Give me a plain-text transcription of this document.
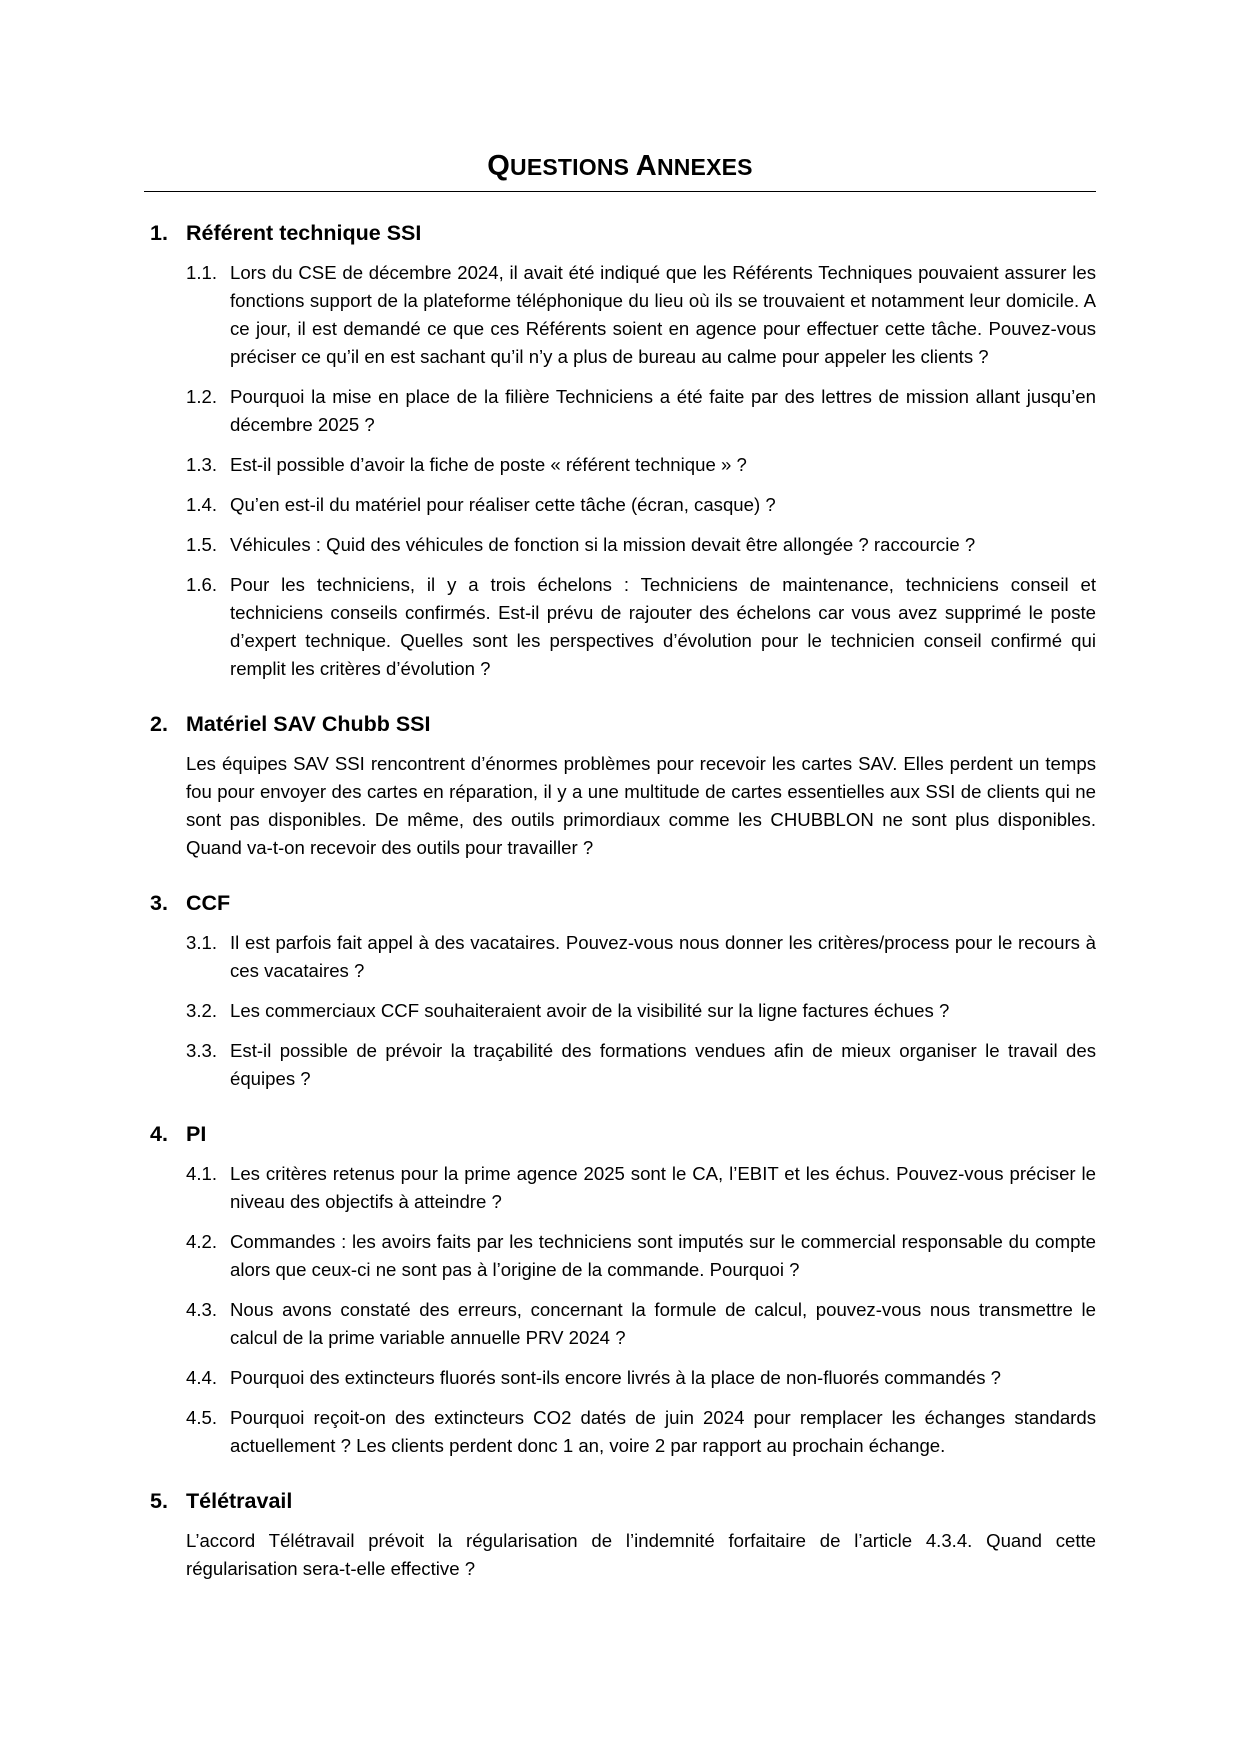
QUESTIONS ANNEXES
1. Référent technique SSI
1.1. Lors du CSE de décembre 2024, il avait été indiqué que les Référents Techniques pouvaient assurer les fonctions support de la plateforme téléphonique du lieu où ils se trouvaient et notamment leur domicile. A ce jour, il est demandé ce que ces Référents soient en agence pour effectuer cette tâche. Pouvez-vous préciser ce qu’il en est sachant qu’il n’y a plus de bureau au calme pour appeler les clients ?
1.2. Pourquoi la mise en place de la filière Techniciens a été faite par des lettres de mission allant jusqu’en décembre 2025 ?
1.3. Est-il possible d’avoir la fiche de poste « référent technique » ?
1.4. Qu’en est-il du matériel pour réaliser cette tâche (écran, casque) ?
1.5. Véhicules : Quid des véhicules de fonction si la mission devait être allongée ? raccourcie ?
1.6. Pour les techniciens, il y a trois échelons : Techniciens de maintenance, techniciens conseil et techniciens conseils confirmés. Est-il prévu de rajouter des échelons car vous avez supprimé le poste d’expert technique. Quelles sont les perspectives d’évolution pour le technicien conseil confirmé qui remplit les critères d’évolution ?
2. Matériel SAV Chubb SSI
Les équipes SAV SSI rencontrent d’énormes problèmes pour recevoir les cartes SAV. Elles perdent un temps fou pour envoyer des cartes en réparation, il y a une multitude de cartes essentielles aux SSI de clients qui ne sont pas disponibles. De même, des outils primordiaux comme les CHUBBLON ne sont plus disponibles. Quand va-t-on recevoir des outils pour travailler ?
3. CCF
3.1. Il est parfois fait appel à des vacataires. Pouvez-vous nous donner les critères/process pour le recours à ces vacataires ?
3.2. Les commerciaux CCF souhaiteraient avoir de la visibilité sur la ligne factures échues ?
3.3. Est-il possible de prévoir la traçabilité des formations vendues afin de mieux organiser le travail des équipes ?
4. PI
4.1. Les critères retenus pour la prime agence 2025 sont le CA, l’EBIT et les échus. Pouvez-vous préciser le niveau des objectifs à atteindre ?
4.2. Commandes : les avoirs faits par les techniciens sont imputés sur le commercial responsable du compte alors que ceux-ci ne sont pas à l’origine de la commande. Pourquoi ?
4.3. Nous avons constaté des erreurs, concernant la formule de calcul, pouvez-vous nous transmettre le calcul de la prime variable annuelle PRV 2024 ?
4.4. Pourquoi des extincteurs fluorés sont-ils encore livrés à la place de non-fluorés commandés ?
4.5. Pourquoi reçoit-on des extincteurs CO2 datés de juin 2024 pour remplacer les échanges standards actuellement ? Les clients perdent donc 1 an, voire 2 par rapport au prochain échange.
5. Télétravail
L’accord Télétravail prévoit la régularisation de l’indemnité forfaitaire de l’article 4.3.4. Quand cette régularisation sera-t-elle effective ?
